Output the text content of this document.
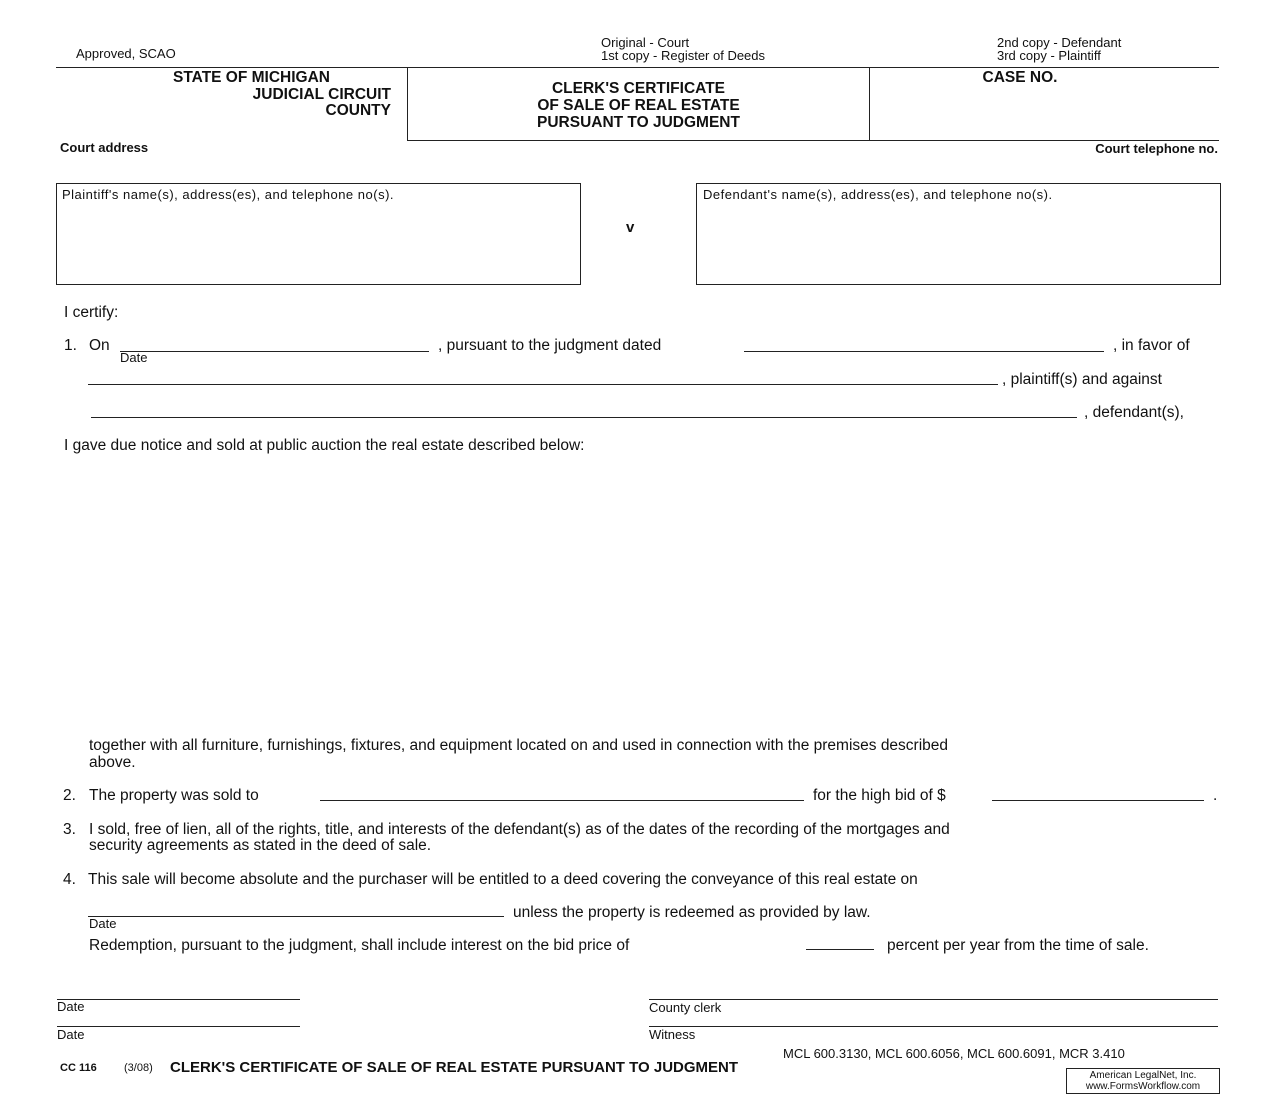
Approved, SCAO
Original - Court
1st copy - Register of Deeds
2nd copy - Defendant
3rd copy - Plaintiff
STATE OF MICHIGAN
JUDICIAL CIRCUIT
COUNTY
CLERK'S CERTIFICATE
OF SALE OF REAL ESTATE
PURSUANT TO JUDGMENT
CASE NO.
Court address	Court telephone no.
Plaintiff's name(s), address(es), and telephone no(s).
v
Defendant's name(s), address(es), and telephone no(s).
I certify:
1. On
Date
, pursuant to the judgment dated	, in favor of
, plaintiff(s) and against
, defendant(s),
I gave due notice and sold at public auction the real estate described below:
together with all furniture, furnishings, fixtures, and equipment located on and used in connection with the premises described
above.
2. The property was sold to	for the high bid of $	.
3. I sold, free of lien, all of the rights, title, and interests of the defendant(s) as of the dates of the recording of the mortgages and
security agreements as stated in the deed of sale.
4. This sale will become absolute and the purchaser will be entitled to a deed covering the conveyance of this real estate on
Date
unless the property is redeemed as provided by law.
Redemption, pursuant to the judgment, shall include interest on the bid price of	percent per year from the time of sale.
Date	County clerk
Date	Witness
MCL 600.3130, MCL 600.6056, MCL 600.6091, MCR 3.410
CC 116 (3/08) CLERK'S CERTIFICATE OF SALE OF REAL ESTATE PURSUANT TO JUDGMENT	American LegalNet, Inc.
www.FormsWorkflow.com
